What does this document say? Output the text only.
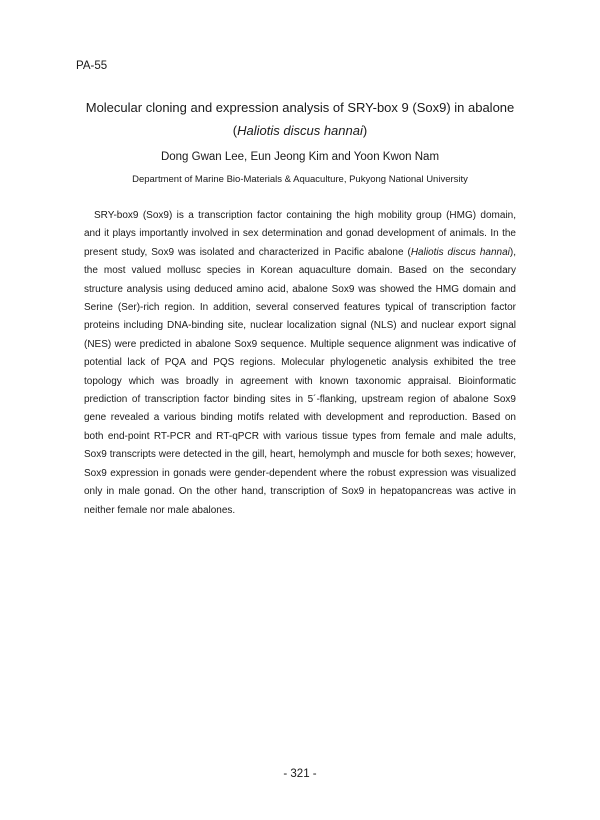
PA-55
Molecular cloning and expression analysis of SRY-box 9 (Sox9) in abalone (Haliotis discus hannai)
Dong Gwan Lee, Eun Jeong Kim and Yoon Kwon Nam
Department of Marine Bio-Materials & Aquaculture, Pukyong National University

SRY-box9 (Sox9) is a transcription factor containing the high mobility group (HMG) domain, and it plays importantly involved in sex determination and gonad development of animals. In the present study, Sox9 was isolated and characterized in Pacific abalone (Haliotis discus hannai), the most valued mollusc species in Korean aquaculture domain. Based on the secondary structure analysis using deduced amino acid, abalone Sox9 was showed the HMG domain and Serine (Ser)-rich region. In addition, several conserved features typical of transcription factor proteins including DNA-binding site, nuclear localization signal (NLS) and nuclear export signal (NES) were predicted in abalone Sox9 sequence. Multiple sequence alignment was indicative of potential lack of PQA and PQS regions. Molecular phylogenetic analysis exhibited the tree topology which was broadly in agreement with known taxonomic appraisal. Bioinformatic prediction of transcription factor binding sites in 5´-flanking, upstream region of abalone Sox9 gene revealed a various binding motifs related with development and reproduction. Based on both end-point RT-PCR and RT-qPCR with various tissue types from female and male adults, Sox9 transcripts were detected in the gill, heart, hemolymph and muscle for both sexes; however, Sox9 expression in gonads were gender-dependent where the robust expression was visualized only in male gonad. On the other hand, transcription of Sox9 in hepatopancreas was active in neither female nor male abalones.

- 321 -
